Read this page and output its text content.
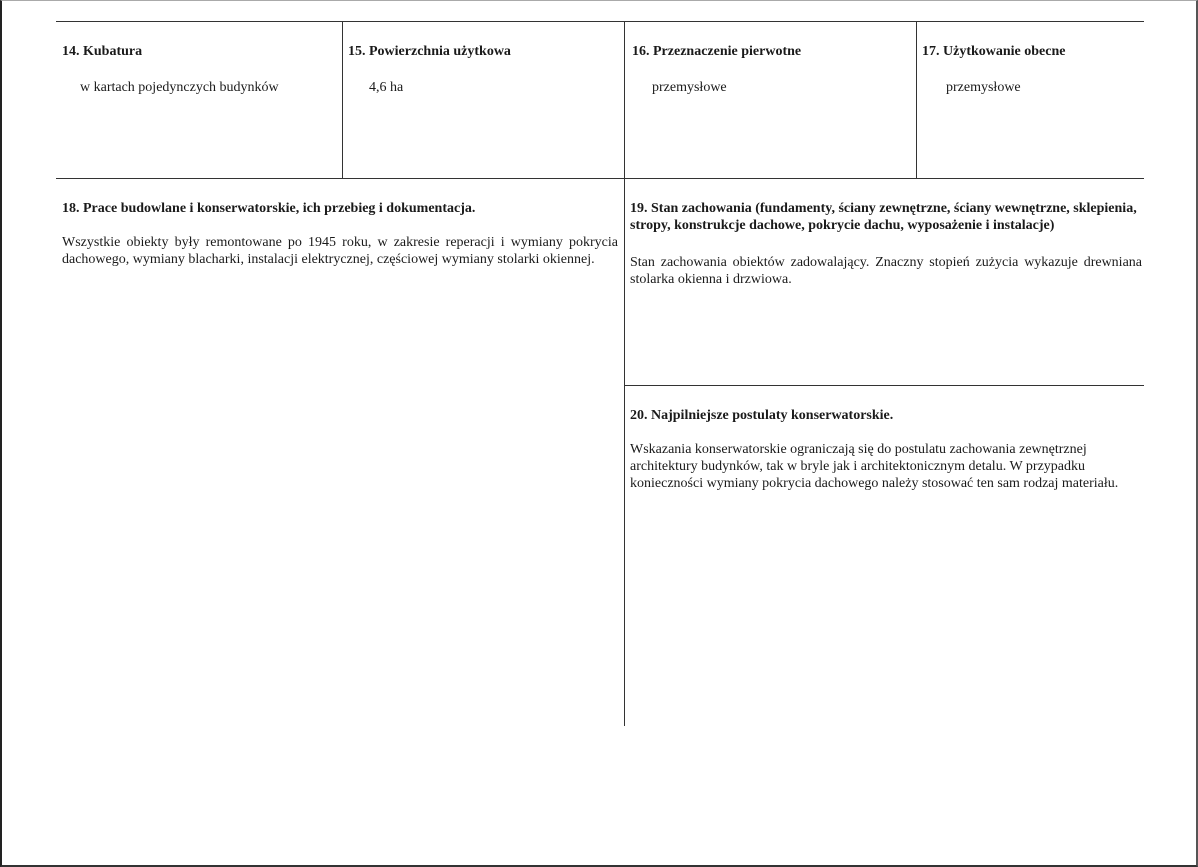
14. Kubatura
w kartach pojedynczych budynków
15. Powierzchnia użytkowa
4,6 ha
16. Przeznaczenie pierwotne
przemysłowe
17. Użytkowanie obecne
przemysłowe
18. Prace budowlane i konserwatorskie, ich przebieg i dokumentacja.
Wszystkie obiekty były remontowane po 1945 roku, w zakresie reperacji i wymiany pokrycia dachowego, wymiany blacharki, instalacji elektrycznej, częściowej wymiany stolarki okiennej.
19. Stan zachowania (fundamenty, ściany zewnętrzne, ściany wewnętrzne, sklepienia, stropy, konstrukcje dachowe, pokrycie dachu, wyposażenie i instalacje)
Stan zachowania obiektów zadowalający. Znaczny stopień zużycia wykazuje drewniana stolarka okienna i drzwiowa.
20. Najpilniejsze postulaty konserwatorskie.
Wskazania konserwatorskie ograniczają się do postulatu zachowania zewnętrznej architektury budynków, tak w bryle jak i architektonicznym detalu. W przypadku konieczności wymiany pokrycia dachowego należy stosować ten sam rodzaj materiału.
